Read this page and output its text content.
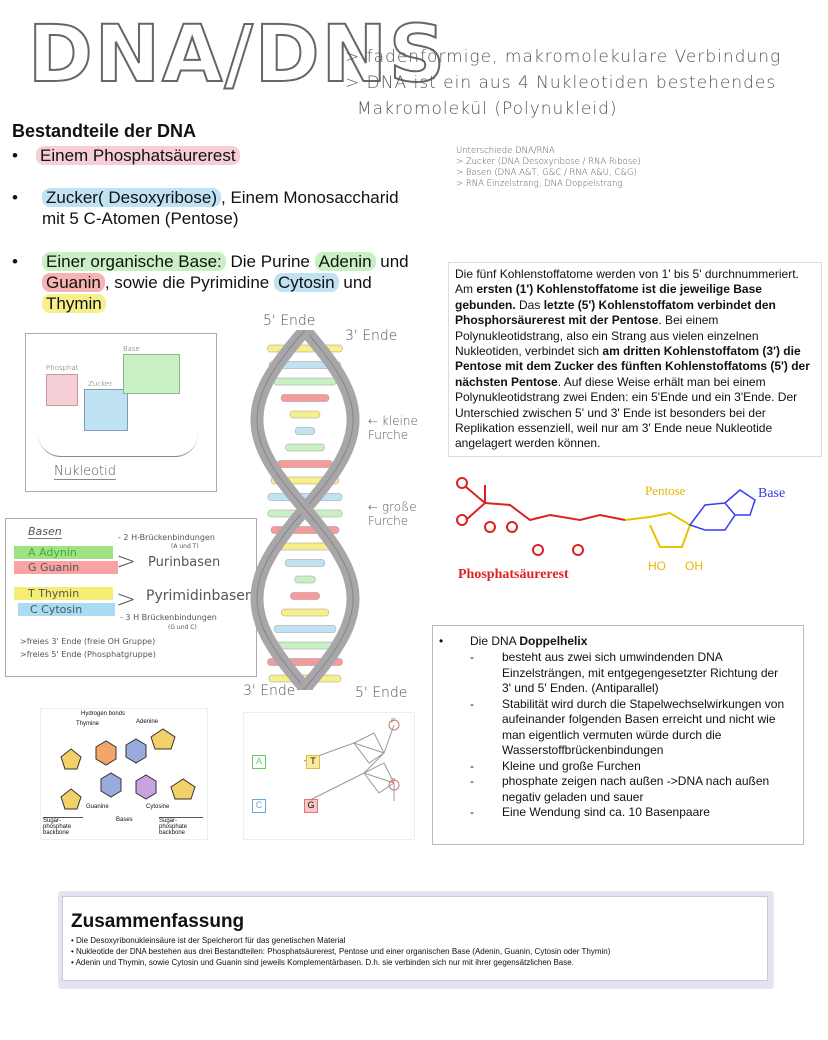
DNA/DNS
> fadenförmige, makromolekulare Verbindung
> DNA ist ein aus 4 Nukleotiden bestehendes
Makromolekül (Polynukleid)
Bestandteile der DNA
• Einem Phosphatsäurerest
• Zucker( Desoxyribose) , Einem Monosaccharid
mit 5 C-Atomen (Pentose)
• Einer organische Base: Die Purine Adenin und
Guanin , sowie die Pyrimidine Cytosin und
Thymin
Unterschiede DNA/RNA
> Zucker (DNA Desoxyribose / RNA Ribose)
> Basen (DNA A&T, G&C / RNA A&U, C&G)
> RNA Einzelstrang, DNA Doppelstrang
Die fünf Kohlenstoffatome werden von 1' bis 5' durchnummeriert. Am ersten (1') Kohlenstoffatome ist die jeweilige Base gebunden. Das letzte (5') Kohlenstoffatom verbindet den Phosphorsäurerest mit der Pentose. Bei einem Polynukleotidstrang, also ein Strang aus vielen einzelnen Nukleotiden, verbindet sich am dritten Kohlenstoffatom (3') die Pentose mit dem Zucker des fünften Kohlenstoffatoms (5') der nächsten Pentose. Auf diese Weise erhält man bei einem Polynukleotidstrang zwei Enden: ein 5'Ende und ein 3'Ende. Der Unterschied zwischen 5' und 3' Ende ist besonders bei der Replikation essenziell, weil nur am 3' Ende neue Nukleotide angelagert werden können.
Pentose	Base
HO OH
Phosphatsäurerest
Phosphat
Zucker
Base
Nukleotid
Basen
A Adynin
G Guanin
T Thymin
C Cytosin
- 2 H-Brückenbindungen
(A und T)
> Purinbasen
> Pyrimidinbasen
- 3 H Brückenbindungen
(G und C)
>freies 3' Ende (freie OH Gruppe)
>freies 5' Ende (Phosphatgruppe)
5' Ende
3' Ende
← kleine Furche
← große Furche
3' Ende	5' Ende
Hydrogen bonds
Thymine	Adenine
Guanine	Cytosine
Sugar-phosphate backbone
Bases	Sugar-phosphate backbone
A	T
C	G
P
P
• Die DNA Doppelhelix
- besteht aus zwei sich umwindenden DNA Einzelsträngen, mit entgegengesetzter Richtung der 3' und 5' Enden. (Antiparallel)
- Stabilität wird durch die Stapelwechselwirkungen von aufeinander folgenden Basen erreicht und nicht wie man eigentlich vermuten würde durch die Wasserstoffbrückenbindungen
- Kleine und große Furchen
- phosphate zeigen nach außen ->DNA nach außen negativ geladen und sauer
- Eine Wendung sind ca. 10 Basenpaare
Zusammenfassung
• Die Desoxyribonukleinsäure ist der Speicherort für das genetischen Material
• Nukleotide der DNA bestehen aus drei Bestandteilen: Phosphatsäurerest, Pentose und einer organischen Base (Adenin, Guanin, Cytosin oder Thymin)
• Adenin und Thymin, sowie Cytosin und Guanin sind jeweils Komplementärbasen. D.h. sie verbinden sich nur mit ihrer gegensätzlichen Base.
